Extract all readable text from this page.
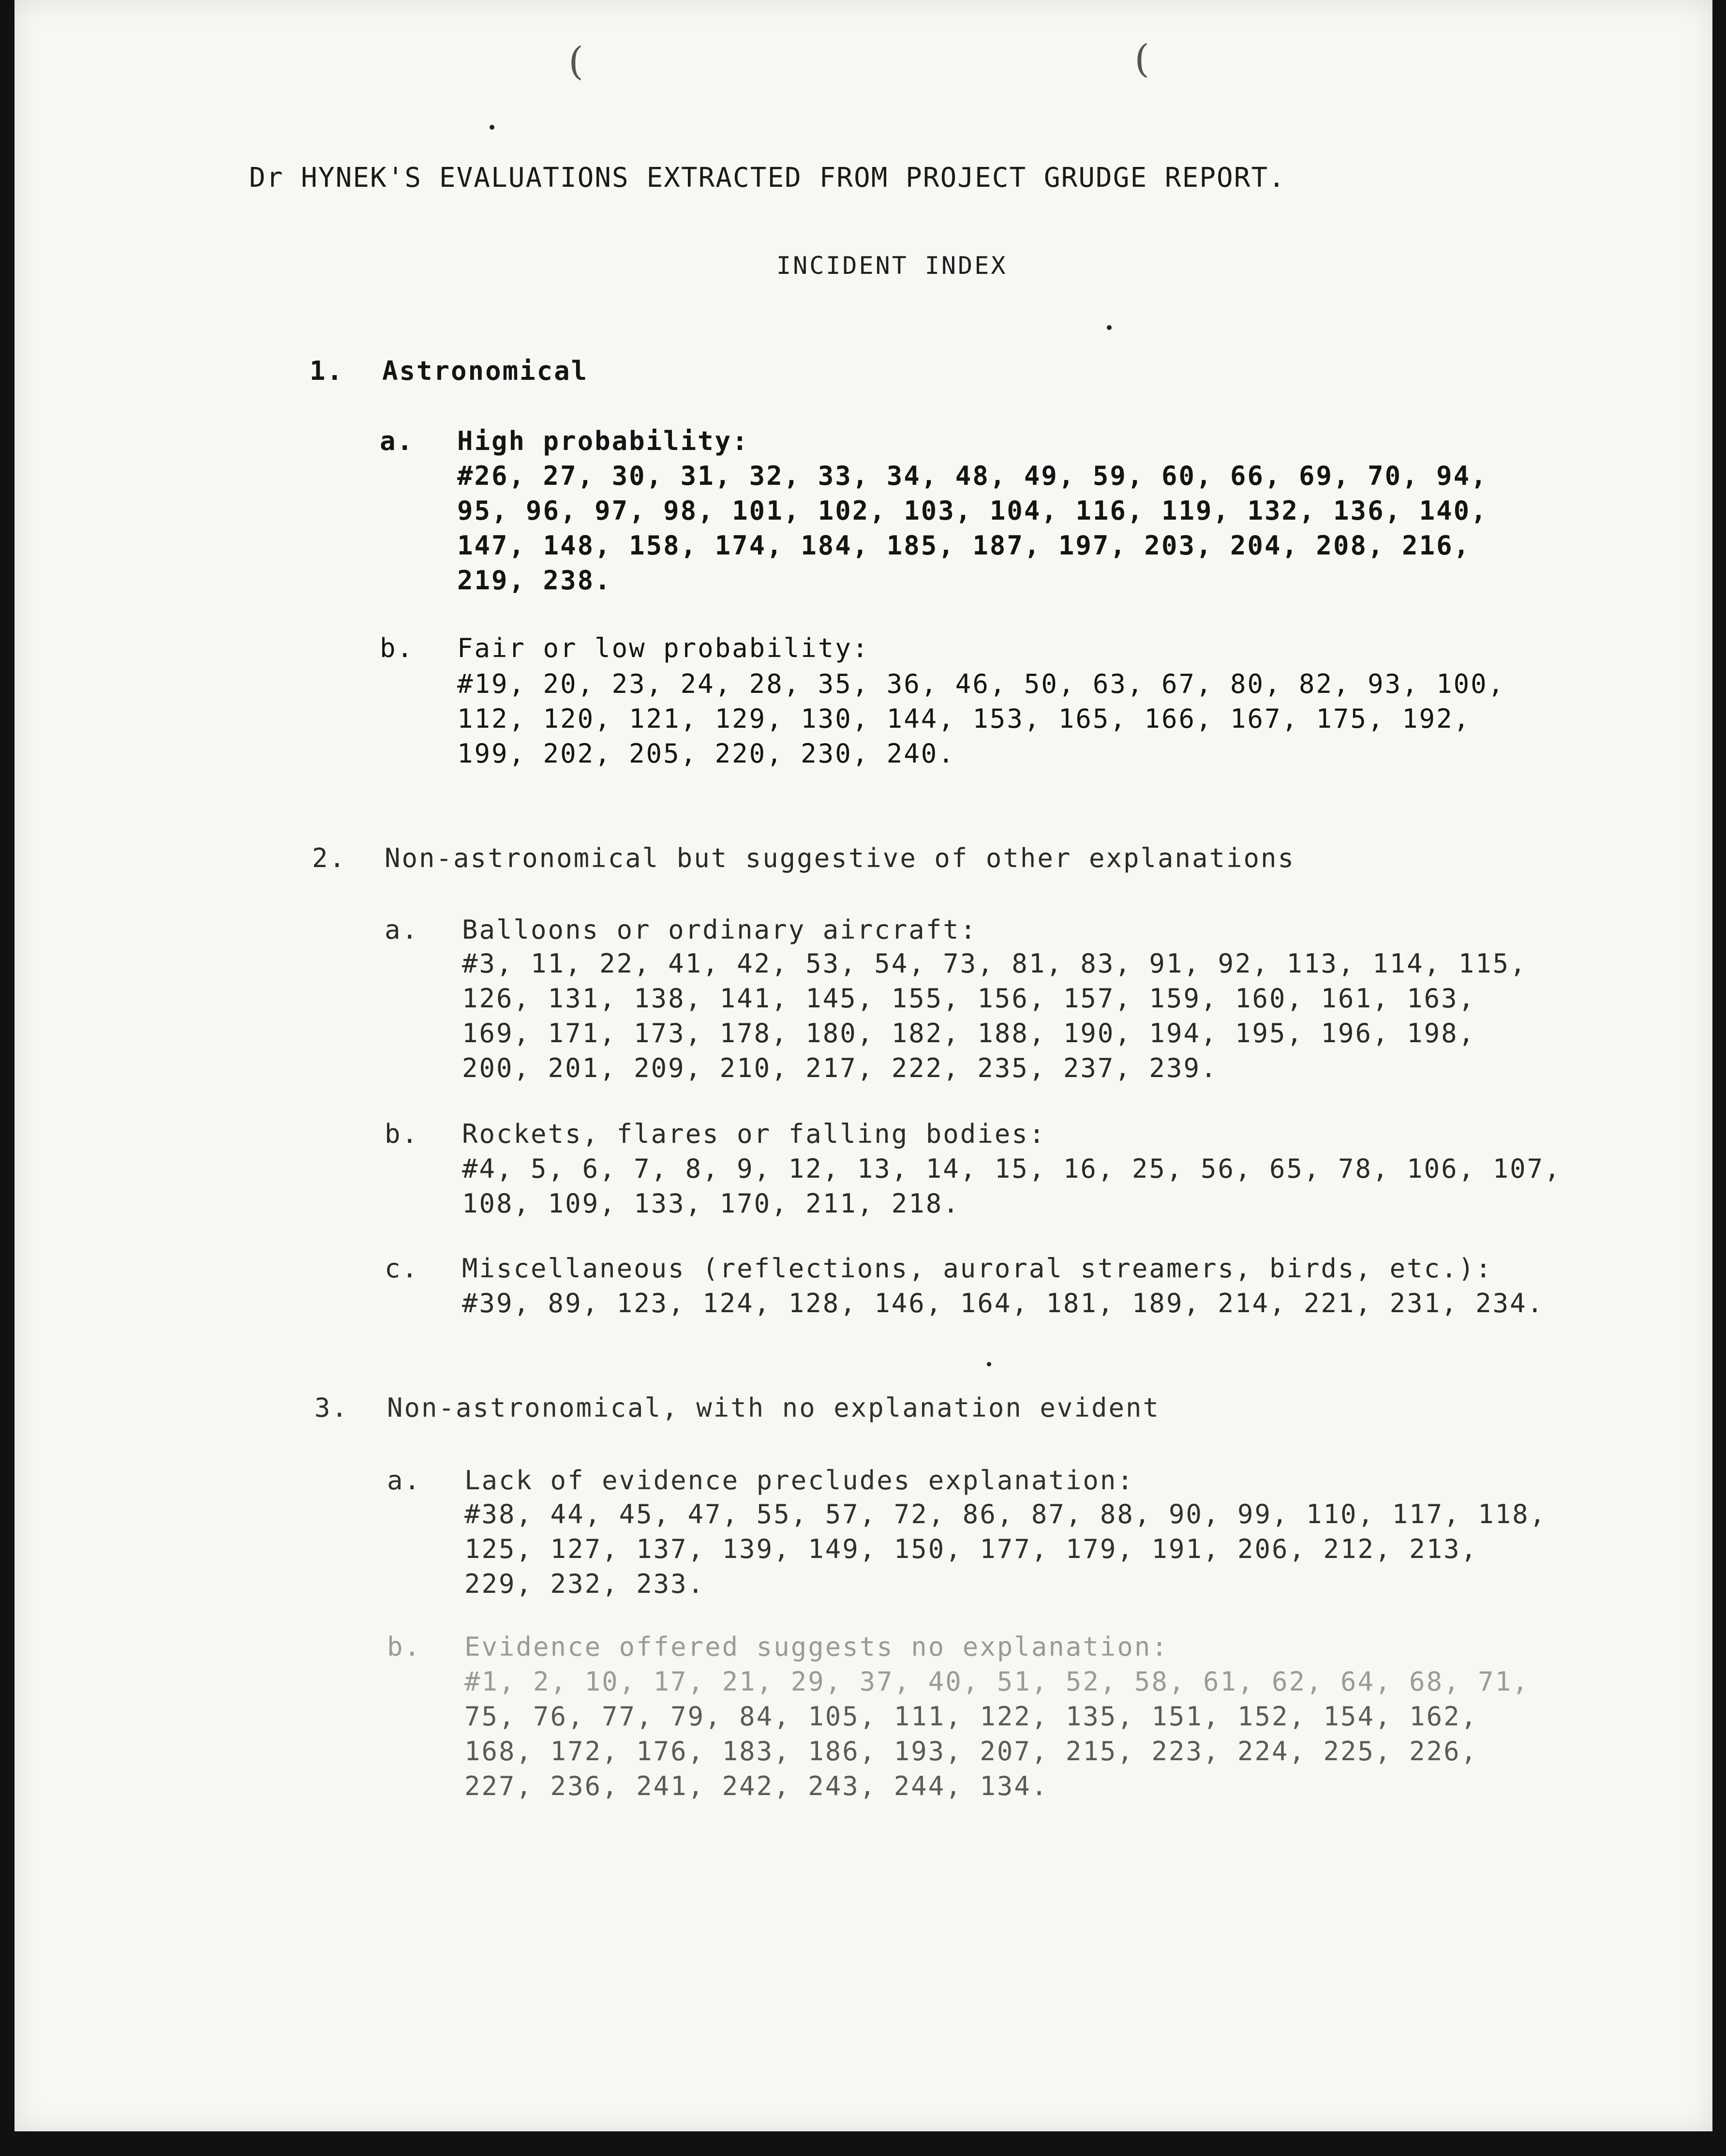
(	(
Dr HYNEK'S EVALUATIONS EXTRACTED FROM PROJECT GRUDGE REPORT.
INCIDENT INDEX
1. Astronomical
a. High probability:
#26, 27, 30, 31, 32, 33, 34, 48, 49, 59, 60, 66, 69, 70, 94,
95, 96, 97, 98, 101, 102, 103, 104, 116, 119, 132, 136, 140,
147, 148, 158, 174, 184, 185, 187, 197, 203, 204, 208, 216,
219, 238.
b. Fair or low probability:
#19, 20, 23, 24, 28, 35, 36, 46, 50, 63, 67, 80, 82, 93, 100,
112, 120, 121, 129, 130, 144, 153, 165, 166, 167, 175, 192,
199, 202, 205, 220, 230, 240.
2. Non-astronomical but suggestive of other explanations
a. Balloons or ordinary aircraft:
#3, 11, 22, 41, 42, 53, 54, 73, 81, 83, 91, 92, 113, 114, 115,
126, 131, 138, 141, 145, 155, 156, 157, 159, 160, 161, 163,
169, 171, 173, 178, 180, 182, 188, 190, 194, 195, 196, 198,
200, 201, 209, 210, 217, 222, 235, 237, 239.
b. Rockets, flares or falling bodies:
#4, 5, 6, 7, 8, 9, 12, 13, 14, 15, 16, 25, 56, 65, 78, 106, 107,
108, 109, 133, 170, 211, 218.
c. Miscellaneous (reflections, auroral streamers, birds, etc.):
#39, 89, 123, 124, 128, 146, 164, 181, 189, 214, 221, 231, 234.
3. Non-astronomical, with no explanation evident
a. Lack of evidence precludes explanation:
#38, 44, 45, 47, 55, 57, 72, 86, 87, 88, 90, 99, 110, 117, 118,
125, 127, 137, 139, 149, 150, 177, 179, 191, 206, 212, 213,
229, 232, 233.
b. Evidence offered suggests no explanation:
#1, 2, 10, 17, 21, 29, 37, 40, 51, 52, 58, 61, 62, 64, 68, 71,
75, 76, 77, 79, 84, 105, 111, 122, 135, 151, 152, 154, 162,
168, 172, 176, 183, 186, 193, 207, 215, 223, 224, 225, 226,
227, 236, 241, 242, 243, 244, 134.
